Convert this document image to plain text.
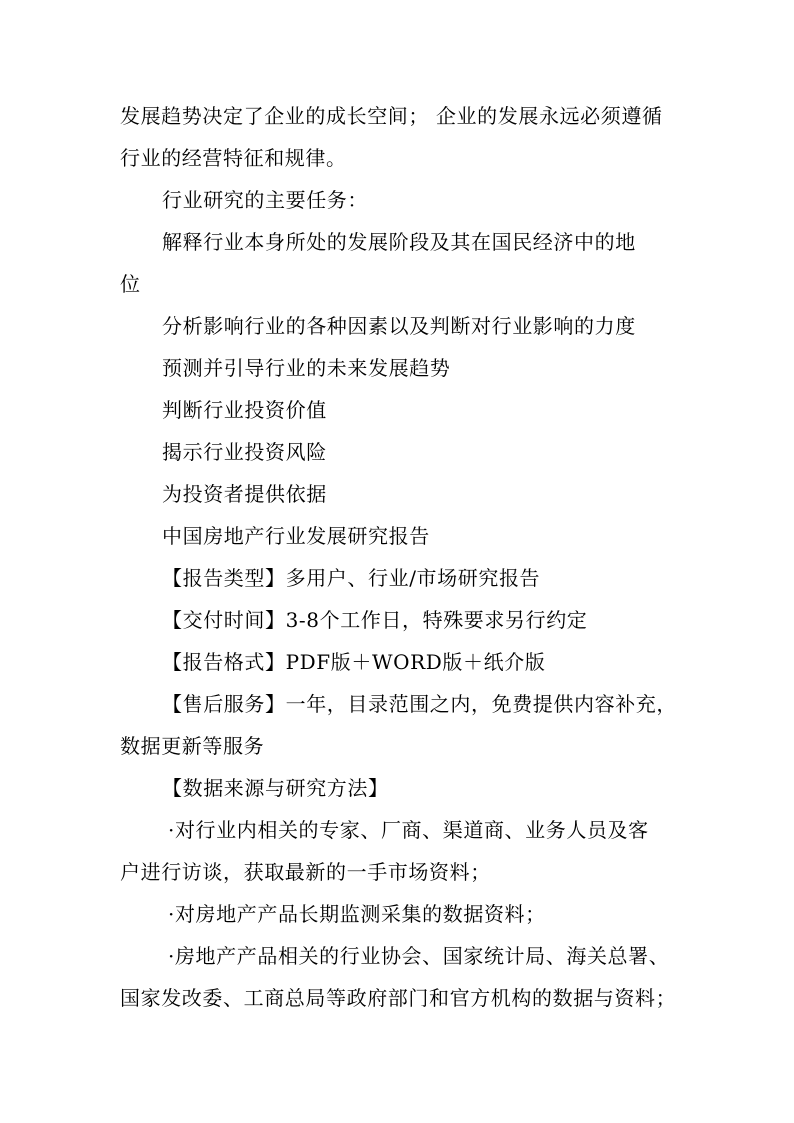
发展趋势决定了企业的成长空间； 企业的发展永远必须遵循
行业的经营特征和规律。
行业研究的主要任务：
解释行业本身所处的发展阶段及其在国民经济中的地
位
分析影响行业的各种因素以及判断对行业影响的力度
预测并引导行业的未来发展趋势
判断行业投资价值
揭示行业投资风险
为投资者提供依据
中国房地产行业发展研究报告
【报告类型】多用户、行业/市场研究报告
【交付时间】3-8个工作日，特殊要求另行约定
【报告格式】PDF版＋WORD版＋纸介版
【售后服务】一年，目录范围之内，免费提供内容补充，
数据更新等服务
【数据来源与研究方法】
·对行业内相关的专家、厂商、渠道商、业务人员及客
户进行访谈，获取最新的一手市场资料；
·对房地产产品长期监测采集的数据资料；
·房地产产品相关的行业协会、国家统计局、海关总署、
国家发改委、工商总局等政府部门和官方机构的数据与资料；
